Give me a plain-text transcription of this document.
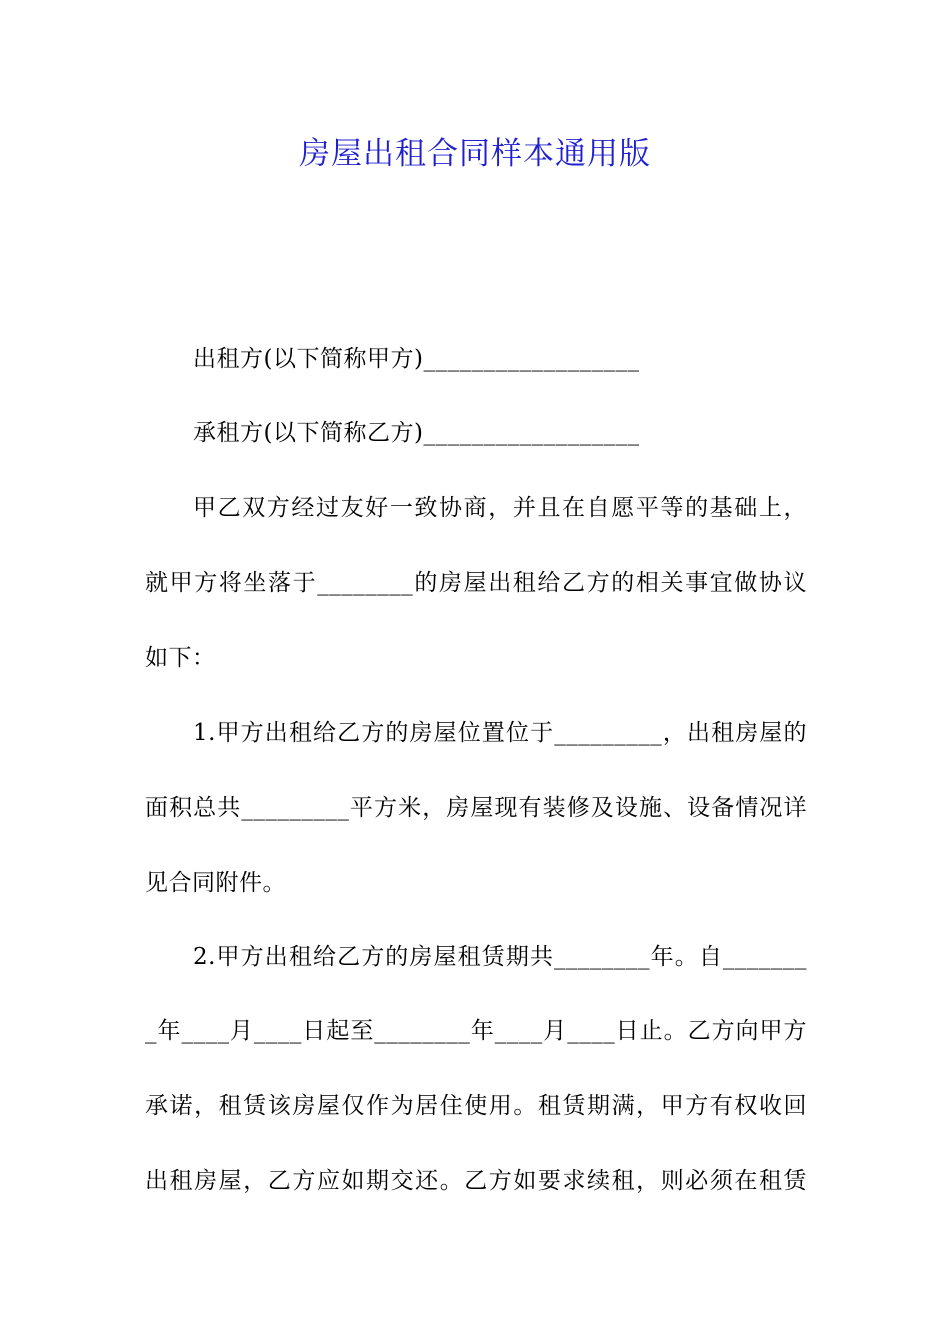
房屋出租合同样本通用版

出租方(以下简称甲方)__________________

承租方(以下简称乙方)__________________

甲乙双方经过友好一致协商，并且在自愿平等的基础上，

就甲方将坐落于________的房屋出租给乙方的相关事宜做协议

如下：

1.甲方出租给乙方的房屋位置位于_________，出租房屋的

面积总共_________平方米，房屋现有装修及设施、设备情况详

见合同附件。

2.甲方出租给乙方的房屋租赁期共________年。自_______

_年____月____日起至________年____月____日止。乙方向甲方

承诺，租赁该房屋仅作为居住使用。租赁期满，甲方有权收回

出租房屋，乙方应如期交还。乙方如要求续租，则必须在租赁
